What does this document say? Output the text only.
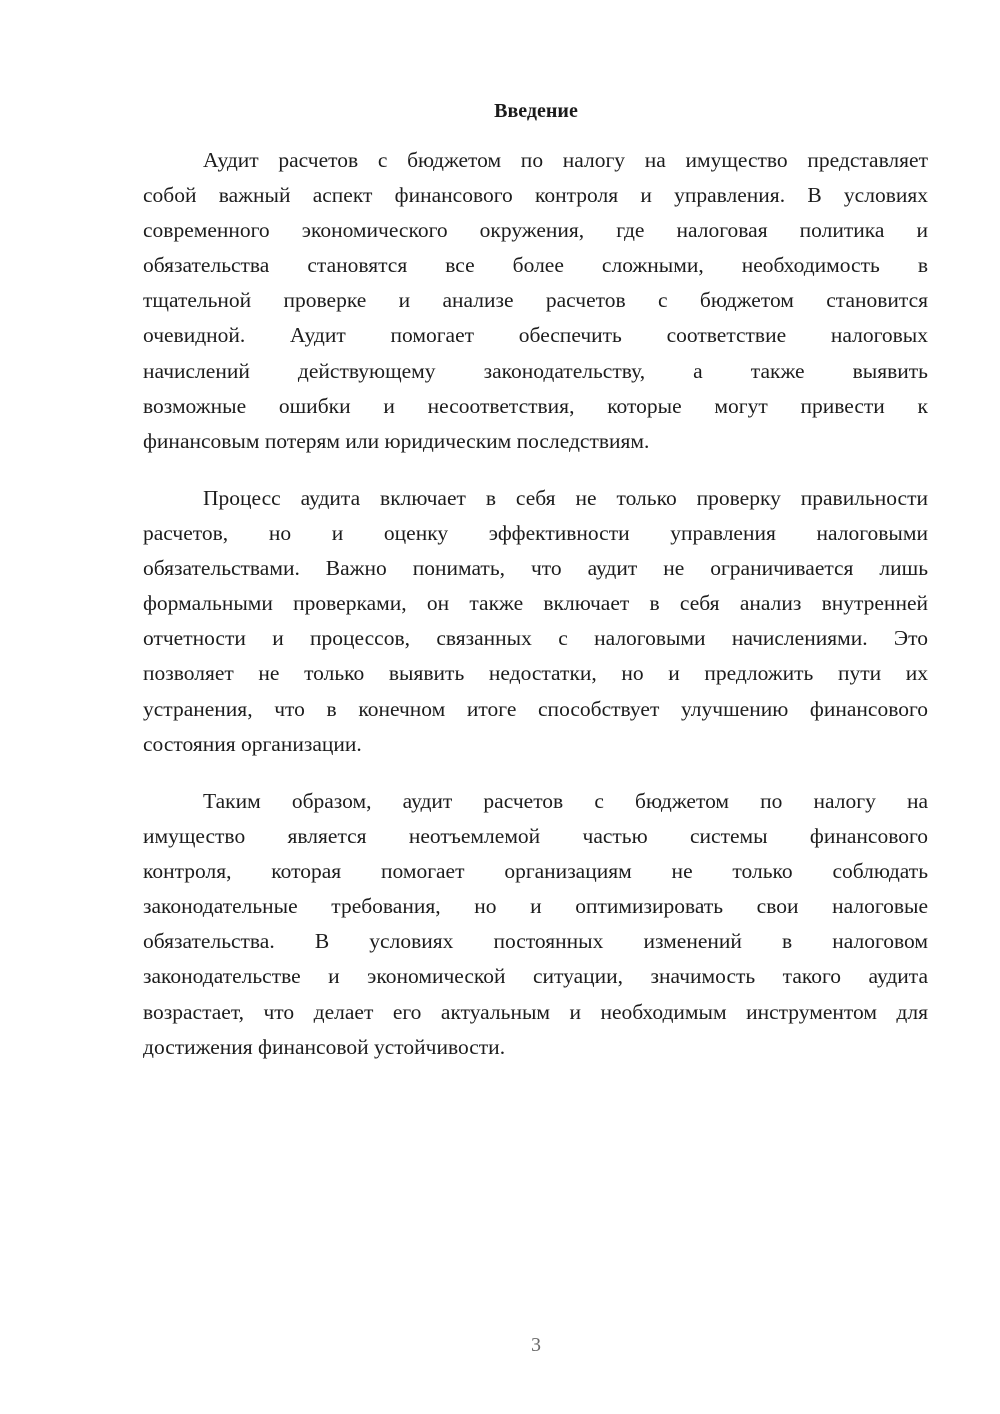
Введение
Аудит расчетов с бюджетом по налогу на имущество представляет
собой важный аспект финансового контроля и управления. В условиях
современного экономического окружения, где налоговая политика и
обязательства становятся все более сложными, необходимость в
тщательной проверке и анализе расчетов с бюджетом становится
очевидной. Аудит помогает обеспечить соответствие налоговых
начислений действующему законодательству, а также выявить
возможные ошибки и несоответствия, которые могут привести к
финансовым потерям или юридическим последствиям.
Процесс аудита включает в себя не только проверку правильности
расчетов, но и оценку эффективности управления налоговыми
обязательствами. Важно понимать, что аудит не ограничивается лишь
формальными проверками, он также включает в себя анализ внутренней
отчетности и процессов, связанных с налоговыми начислениями. Это
позволяет не только выявить недостатки, но и предложить пути их
устранения, что в конечном итоге способствует улучшению финансового
состояния организации.
Таким образом, аудит расчетов с бюджетом по налогу на
имущество является неотъемлемой частью системы финансового
контроля, которая помогает организациям не только соблюдать
законодательные требования, но и оптимизировать свои налоговые
обязательства. В условиях постоянных изменений в налоговом
законодательстве и экономической ситуации, значимость такого аудита
возрастает, что делает его актуальным и необходимым инструментом для
достижения финансовой устойчивости.
3
